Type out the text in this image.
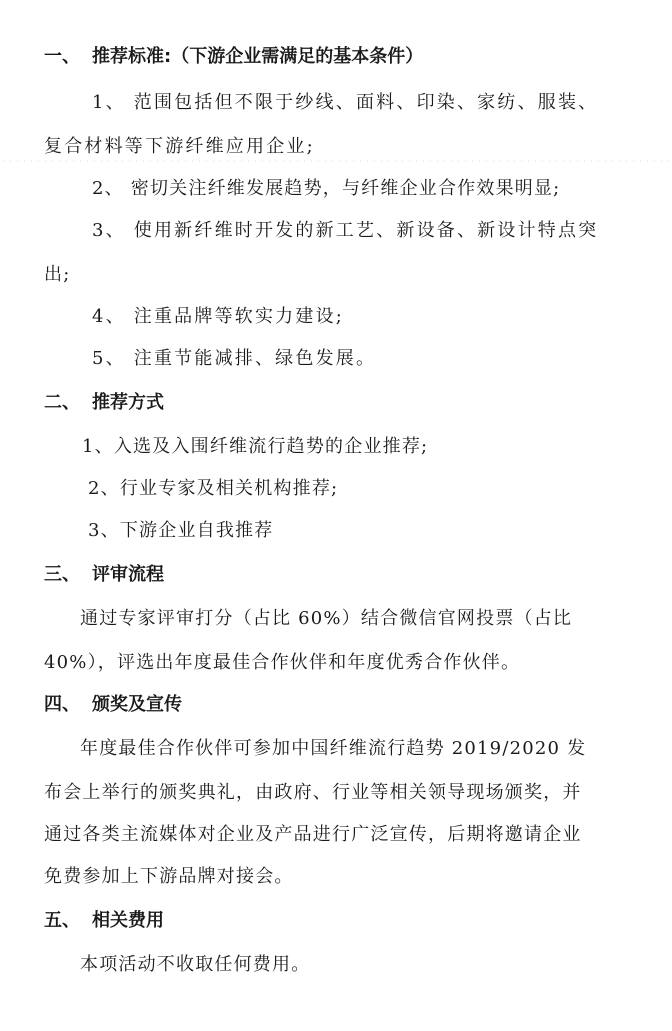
一、 推荐标准:（下游企业需满足的基本条件）
1、 范围包括但不限于纱线、面料、印染、家纺、服装、
复合材料等下游纤维应用企业;
2、 密切关注纤维发展趋势，与纤维企业合作效果明显;
3、 使用新纤维时开发的新工艺、新设备、新设计特点突
出;
4、 注重品牌等软实力建设;
5、 注重节能减排、绿色发展。
二、 推荐方式
1、入选及入围纤维流行趋势的企业推荐;
2、行业专家及相关机构推荐;
3、下游企业自我推荐
三、 评审流程
通过专家评审打分（占比 60%）结合微信官网投票（占比
40%），评选出年度最佳合作伙伴和年度优秀合作伙伴。
四、 颁奖及宣传
年度最佳合作伙伴可参加中国纤维流行趋势 2019/2020 发
布会上举行的颁奖典礼，由政府、行业等相关领导现场颁奖，并
通过各类主流媒体对企业及产品进行广泛宣传，后期将邀请企业
免费参加上下游品牌对接会。
五、 相关费用
本项活动不收取任何费用。
